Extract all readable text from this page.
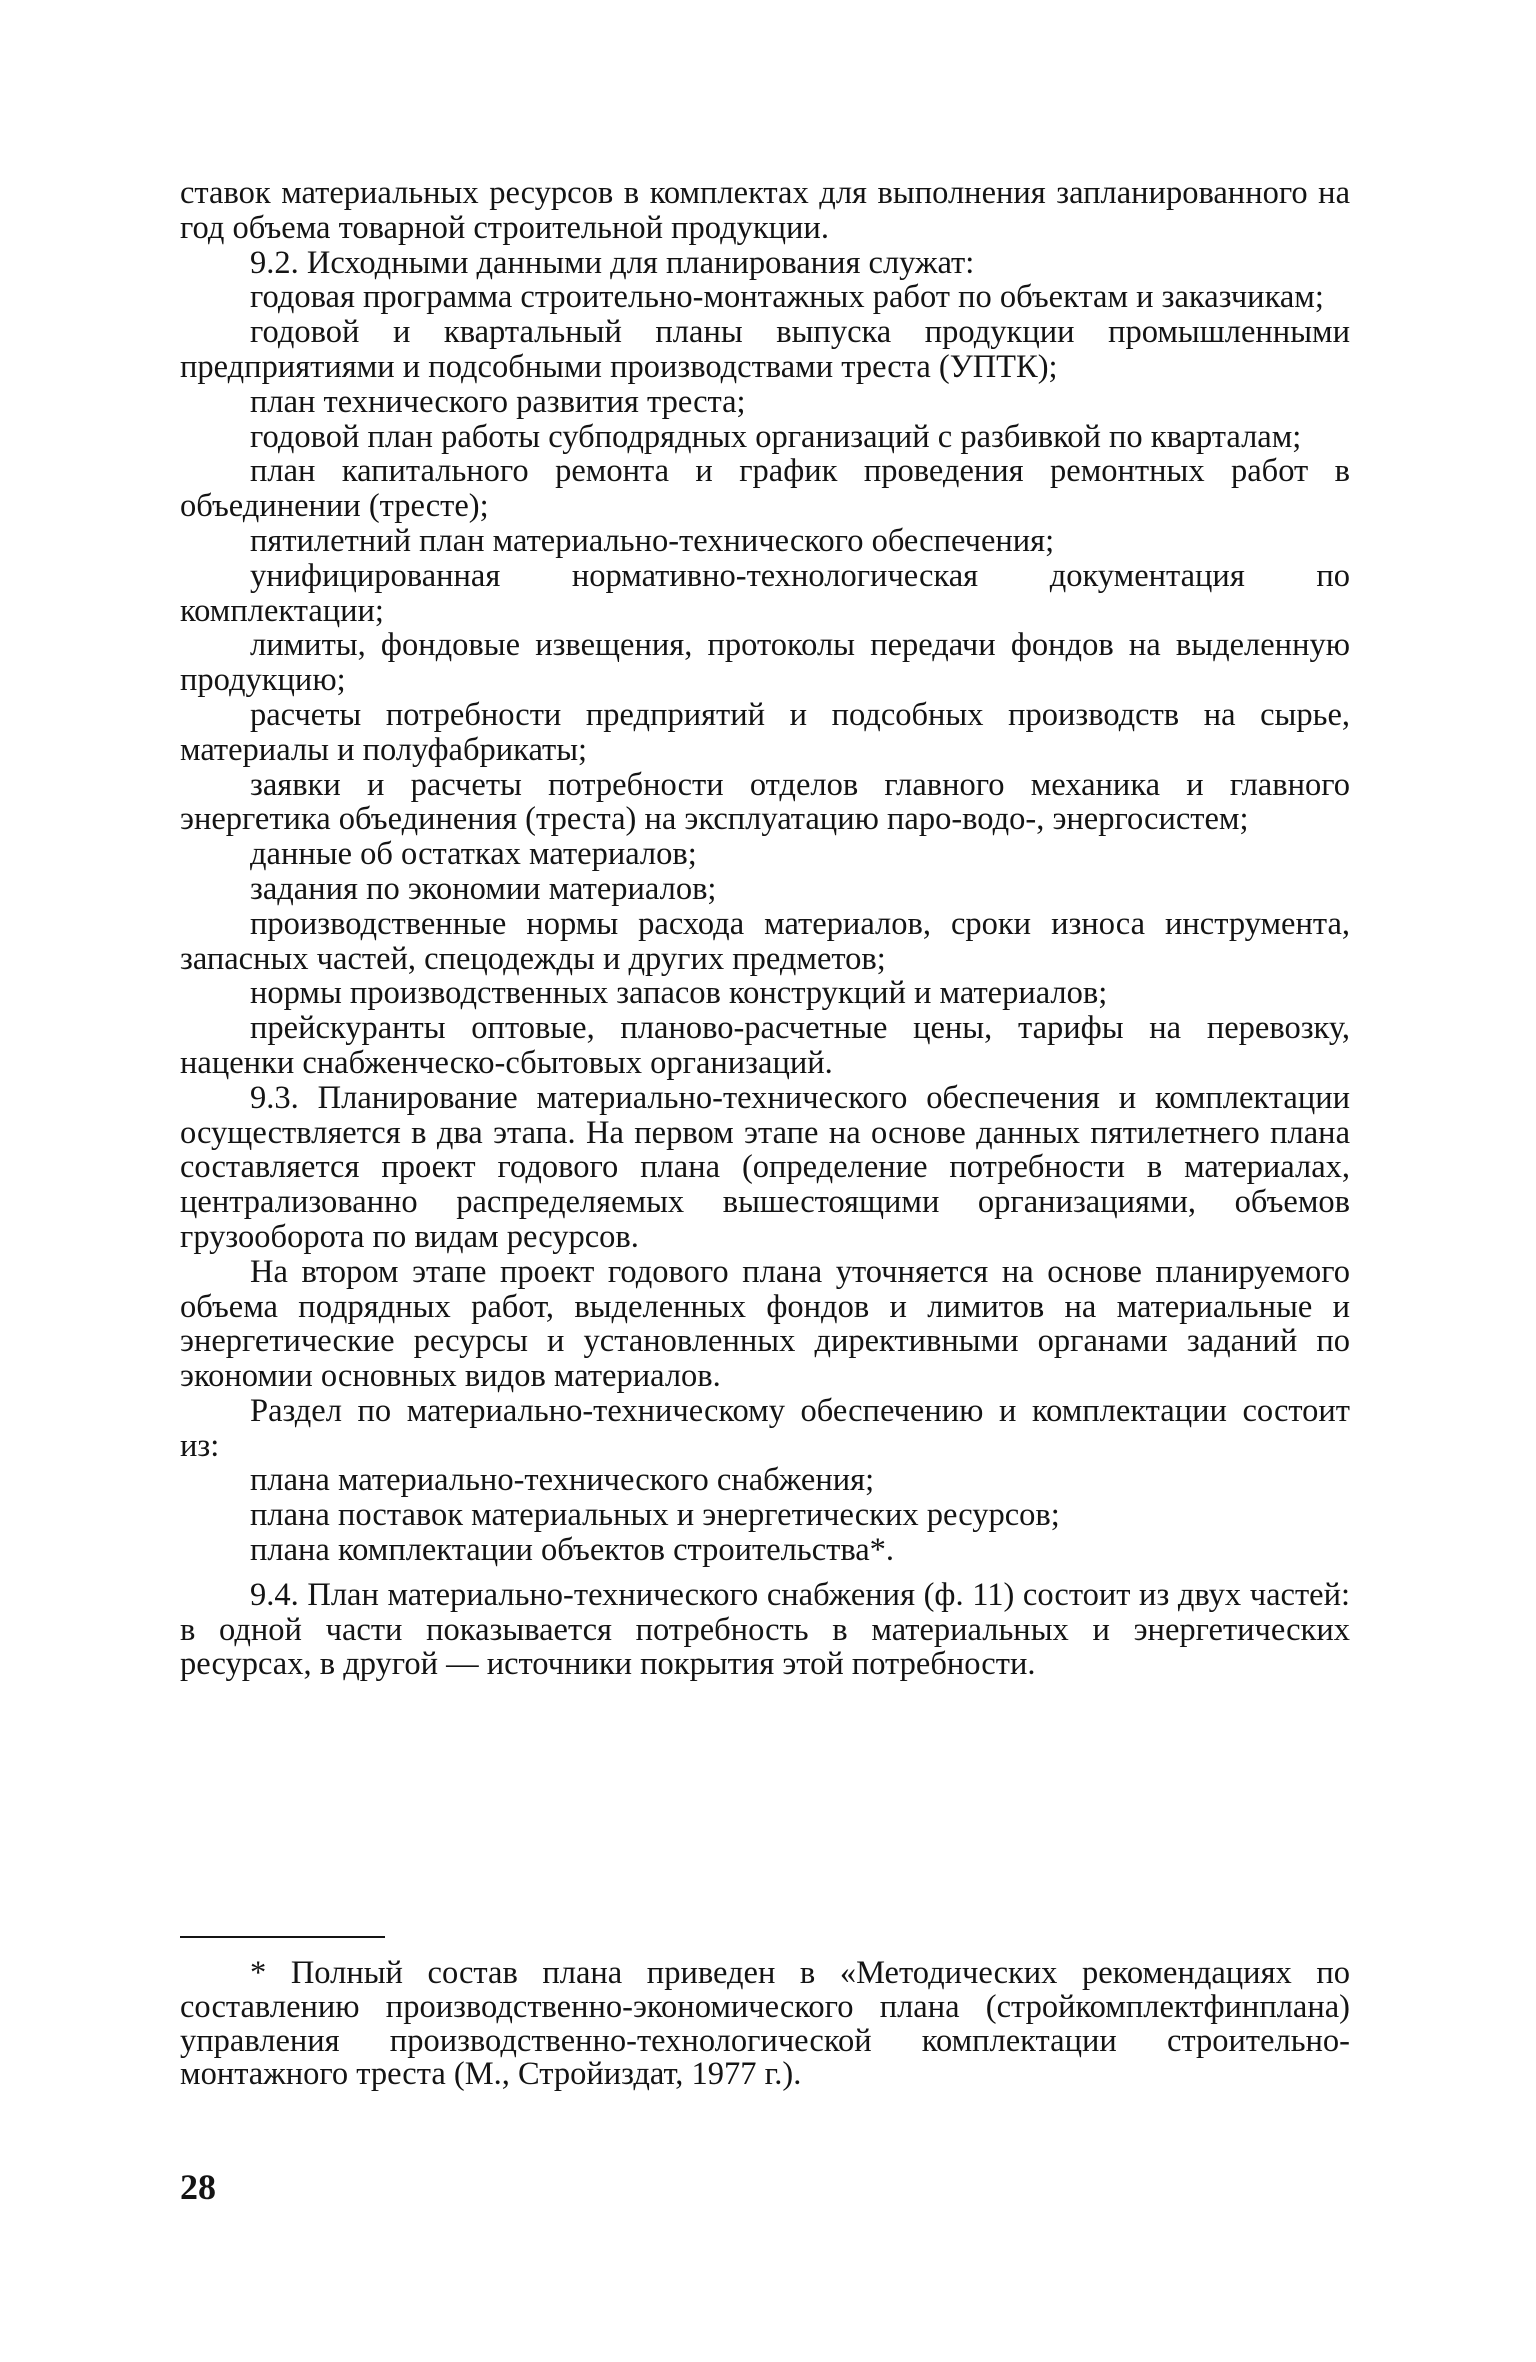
ставок материальных ресурсов в комплектах для выполнения запланированного на год объема товарной строительной продукции.

9.2. Исходными данными для планирования служат:

годовая программа строительно-монтажных работ по объектам и заказчикам;

годовой и квартальный планы выпуска продукции промышленными предприятиями и подсобными производствами треста (УПТК);

план технического развития треста;

годовой план работы субподрядных организаций с разбивкой по кварталам;

план капитального ремонта и график проведения ремонтных работ в объединении (тресте);

пятилетний план материально-технического обеспечения;

унифицированная нормативно-технологическая документация по комплектации;

лимиты, фондовые извещения, протоколы передачи фондов на выделенную продукцию;

расчеты потребности предприятий и подсобных производств на сырье, материалы и полуфабрикаты;

заявки и расчеты потребности отделов главного механика и главного энергетика объединения (треста) на эксплуатацию паро-водо-, энергосистем;

данные об остатках материалов;

задания по экономии материалов;

производственные нормы расхода материалов, сроки износа инструмента, запасных частей, спецодежды и других предметов;

нормы производственных запасов конструкций и материалов;

прейскуранты оптовые, планово-расчетные цены, тарифы на перевозку, наценки снабженческо-сбытовых организаций.

9.3. Планирование материально-технического обеспечения и комплектации осуществляется в два этапа. На первом этапе на основе данных пятилетнего плана составляется проект годового плана (определение потребности в материалах, централизованно распределяемых вышестоящими организациями, объемов грузооборота по видам ресурсов.

На втором этапе проект годового плана уточняется на основе планируемого объема подрядных работ, выделенных фондов и лимитов на материальные и энергетические ресурсы и установленных директивными органами заданий по экономии основных видов материалов.

Раздел по материально-техническому обеспечению и комплектации состоит из:

плана материально-технического снабжения;

плана поставок материальных и энергетических ресурсов;

плана комплектации объектов строительства*.

9.4. План материально-технического снабжения (ф. 11) состоит из двух частей: в одной части показывается потребность в материальных и энергетических ресурсах, в другой — источники покрытия этой потребности.

* Полный состав плана приведен в «Методических рекомендациях по составлению производственно-экономического плана (стройкомплектфинплана) управления производственно-технологической комплектации строительно-монтажного треста (М., Стройиздат, 1977 г.).

28
